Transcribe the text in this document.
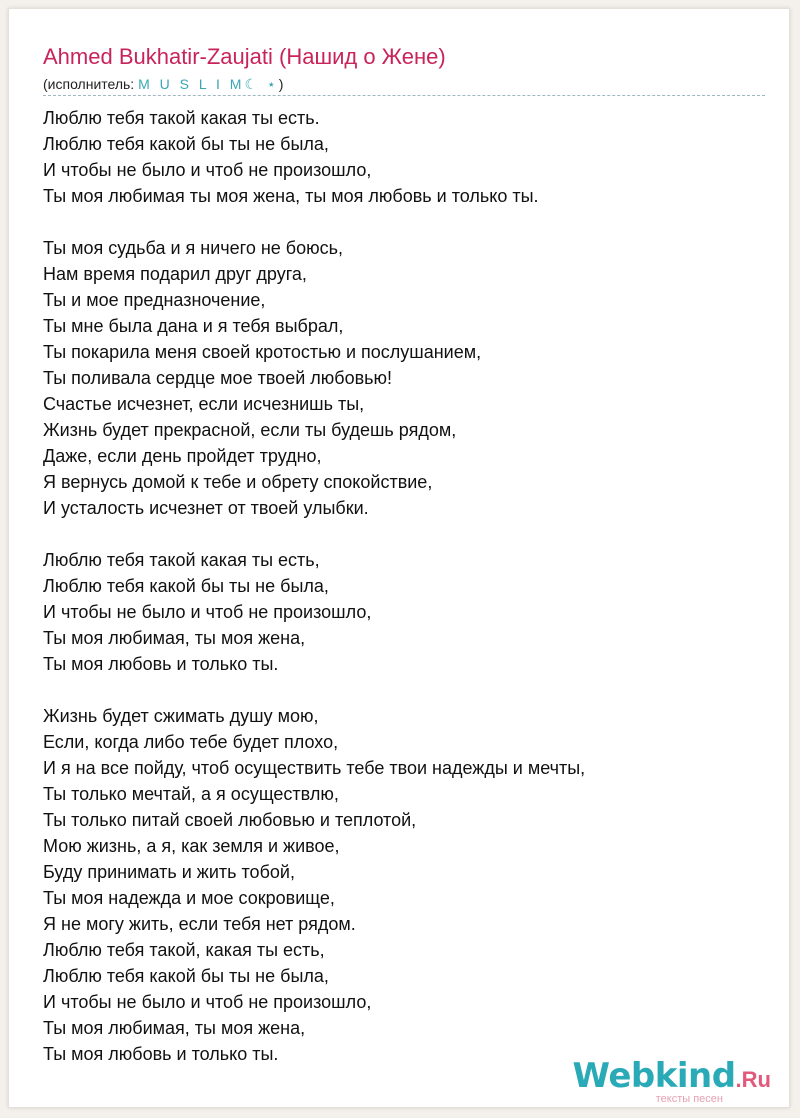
Ahmed Bukhatir-Zaujati (Нашид о Жене)
(исполнитель: M U S L I M☾ ⋆)
Люблю тебя такой какая ты есть.
Люблю тебя какой бы ты не была,
И чтобы не было и чтоб не произошло,
Ты моя любимая ты моя жена, ты моя любовь и только ты.
Ты моя судьба и я ничего не боюсь,
Нам время подарил друг друга,
Ты и мое предназночение,
Ты мне была дана и я тебя выбрал,
Ты покарила меня своей кротостью и послушанием,
Ты поливала сердце мое твоей любовью!
Счастье исчезнет, если исчезнишь ты,
Жизнь будет прекрасной, если ты будешь рядом,
Даже, если день пройдет трудно,
Я вернусь домой к тебе и обрету спокойствие,
И усталость исчезнет от твоей улыбки.
Люблю тебя такой какая ты есть,
Люблю тебя какой бы ты не была,
И чтобы не было и чтоб не произошло,
Ты моя любимая, ты моя жена,
Ты моя любовь и только ты.
Жизнь будет сжимать душу мою,
Если, когда либо тебе будет плохо,
И я на все пойду, чтоб осуществить тебе твои надежды и мечты,
Ты только мечтай, а я осуществлю,
Ты только питай своей любовью и теплотой,
Мою жизнь, а я, как земля и живое,
Буду принимать и жить тобой,
Ты моя надежда и мое сокровище,
Я не могу жить, если тебя нет рядом.
Люблю тебя такой, какая ты есть,
Люблю тебя какой бы ты не была,
И чтобы не было и чтоб не произошло,
Ты моя любимая, ты моя жена,
Ты моя любовь и только ты.
Webkind.Ru
тексты песен
